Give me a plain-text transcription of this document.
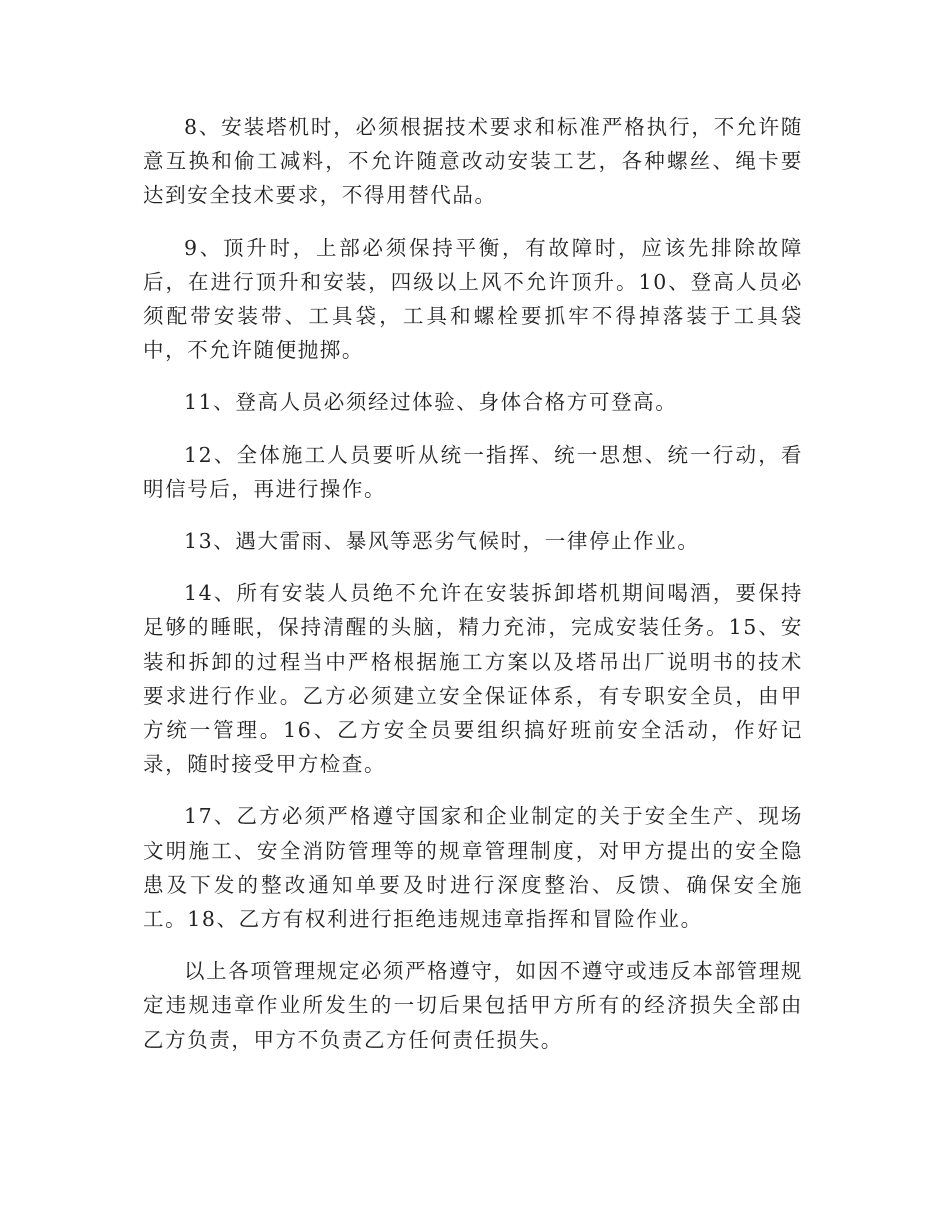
8、安装塔机时，必须根据技术要求和标准严格执行，不允许随意互换和偷工减料，不允许随意改动安装工艺，各种螺丝、绳卡要达到安全技术要求，不得用替代品。

9、顶升时，上部必须保持平衡，有故障时，应该先排除故障后，在进行顶升和安装，四级以上风不允许顶升。10、登高人员必须配带安装带、工具袋，工具和螺栓要抓牢不得掉落装于工具袋中，不允许随便抛掷。

11、登高人员必须经过体验、身体合格方可登高。

12、全体施工人员要听从统一指挥、统一思想、统一行动，看明信号后，再进行操作。

13、遇大雷雨、暴风等恶劣气候时，一律停止作业。

14、所有安装人员绝不允许在安装拆卸塔机期间喝酒，要保持足够的睡眠，保持清醒的头脑，精力充沛，完成安装任务。15、安装和拆卸的过程当中严格根据施工方案以及塔吊出厂说明书的技术要求进行作业。乙方必须建立安全保证体系，有专职安全员，由甲方统一管理。16、乙方安全员要组织搞好班前安全活动，作好记录，随时接受甲方检查。

17、乙方必须严格遵守国家和企业制定的关于安全生产、现场文明施工、安全消防管理等的规章管理制度，对甲方提出的安全隐患及下发的整改通知单要及时进行深度整治、反馈、确保安全施工。18、乙方有权利进行拒绝违规违章指挥和冒险作业。

以上各项管理规定必须严格遵守，如因不遵守或违反本部管理规定违规违章作业所发生的一切后果包括甲方所有的经济损失全部由乙方负责，甲方不负责乙方任何责任损失。
